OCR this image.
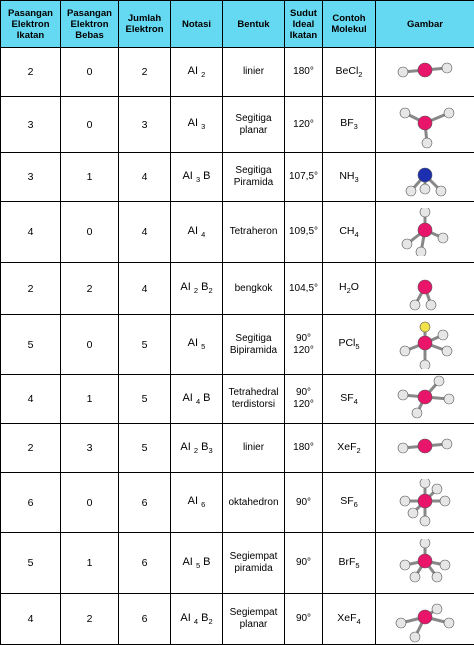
Pasangan Elektron Ikatan	Pasangan Elektron Bebas	Jumlah Elektron	Notasi	Bentuk	Sudut Ideal Ikatan	Contoh Molekul	Gambar
2	0	2	AI $_2$	linier	180°	BeCl$_2$	

3	0	3	AI $_3$	Segitiga planar	120°	$BF_3$	

3	1	4	AI $_3$ B	Segitiga Piramida	107,5°	$NH_3$	

4	0	4	AI $_4$	Tetraheron	109,5°	$CH_4$	

2	2	4	AI $_2$ $B_2$	bengkok	104,5°	$H_2O$	

5	0	5	AI $_5$	Segitiga Bipiramida	90° 120°	PCl$_5$	

4	1	5	AI $_4$ B	Tetrahedral terdistorsi	90° 120°	$SF_4$	

2	3	5	AI $_2$ $B_3$	linier	180°	XeF$_2$	

6	0	6	AI $_6$	oktahedron	90°	$SF_6$	

5	1	6	AI $_5$ B	Segiempat piramida	90°	BrF$_5$	

4	2	6	AI $_4$ $B_2$	Segiempat planar	90°	XeF$_4$	
